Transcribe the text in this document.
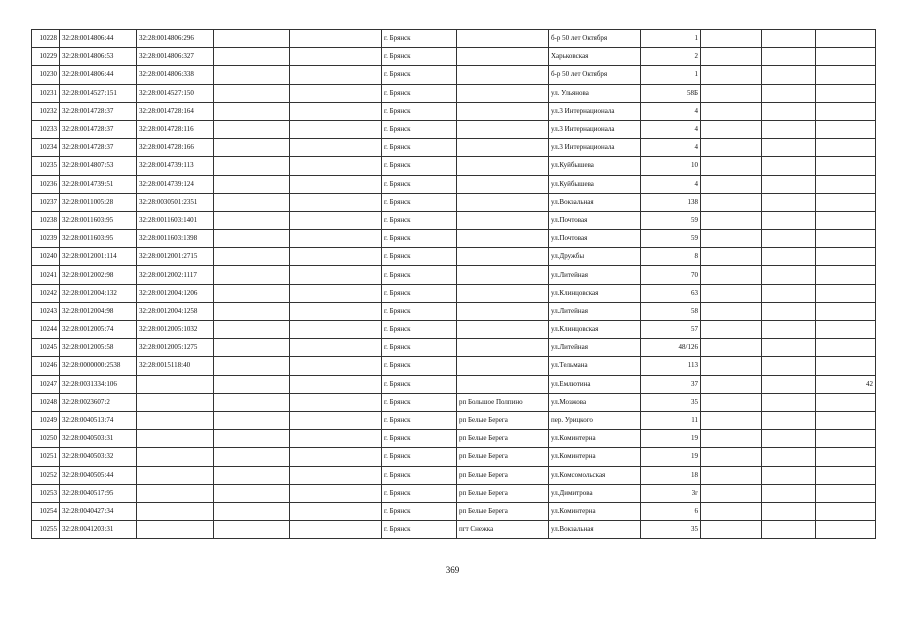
10228	32:28:0014806:44	32:28:0014806:296			г. Брянск		б-р 50 лет Октября	1			
10229	32:28:0014806:53	32:28:0014806:327			г. Брянск		Харьковская	2			
10230	32:28:0014806:44	32:28:0014806:338			г. Брянск		б-р 50 лет Октября	1			
10231	32:28:0014527:151	32:28:0014527:150			г. Брянск		ул. Ульянова	58Б			
10232	32:28:0014728:37	32:28:0014728:164			г. Брянск		ул.3 Интернационала	4			
10233	32:28:0014728:37	32:28:0014728:116			г. Брянск		ул.3 Интернационала	4			
10234	32:28:0014728:37	32:28:0014728:166			г. Брянск		ул.3 Интернационала	4			
10235	32:28:0014807:53	32:28:0014739:113			г. Брянск		ул.Куйбышева	10			
10236	32:28:0014739:51	32:28:0014739:124			г. Брянск		ул.Куйбышева	4			
10237	32:28:0011005:28	32:28:0030501:2351			г. Брянск		ул.Вокзальная	138			
10238	32:28:0011603:95	32:28:0011603:1401			г. Брянск		ул.Почтовая	59			
10239	32:28:0011603:95	32:28:0011603:1398			г. Брянск		ул.Почтовая	59			
10240	32:28:0012001:114	32:28:0012001:2715			г. Брянск		ул.Дружбы	8			
10241	32:28:0012002:98	32:28:0012002:1117			г. Брянск		ул.Литейная	70			
10242	32:28:0012004:132	32:28:0012004:1206			г. Брянск		ул.Клинцовская	63			
10243	32:28:0012004:98	32:28:0012004:1258			г. Брянск		ул.Литейная	58			
10244	32:28:0012005:74	32:28:0012005:1032			г. Брянск		ул.Клинцовская	57			
10245	32:28:0012005:58	32:28:0012005:1275			г. Брянск		ул.Литейная	48/126			
10246	32:28:0000000:2538	32:28:0015118:40			г. Брянск		ул.Тельмана	113			
10247	32:28:0031334:106				г. Брянск		ул.Емлютина	37			42
10248	32:28:0023607:2				г. Брянск	рп Большое Полпино	ул.Мозжова	35			
10249	32:28:0040513:74				г. Брянск	рп Белые Берега	пер. Урицкого	11			
10250	32:28:0040503:31				г. Брянск	рп Белые Берега	ул.Коминтерна	19			
10251	32:28:0040503:32				г. Брянск	рп Белые Берега	ул.Коминтерна	19			
10252	32:28:0040505:44				г. Брянск	рп Белые Берега	ул.Комсомольская	18			
10253	32:28:0040517:95				г. Брянск	рп Белые Берега	ул.Димитрова	3г			
10254	32:28:0040427:34				г. Брянск	рп Белые Берега	ул.Коминтерна	6			
10255	32:28:0041203:31				г. Брянск	пгт Снежка	ул.Вокзальная	35			
369
